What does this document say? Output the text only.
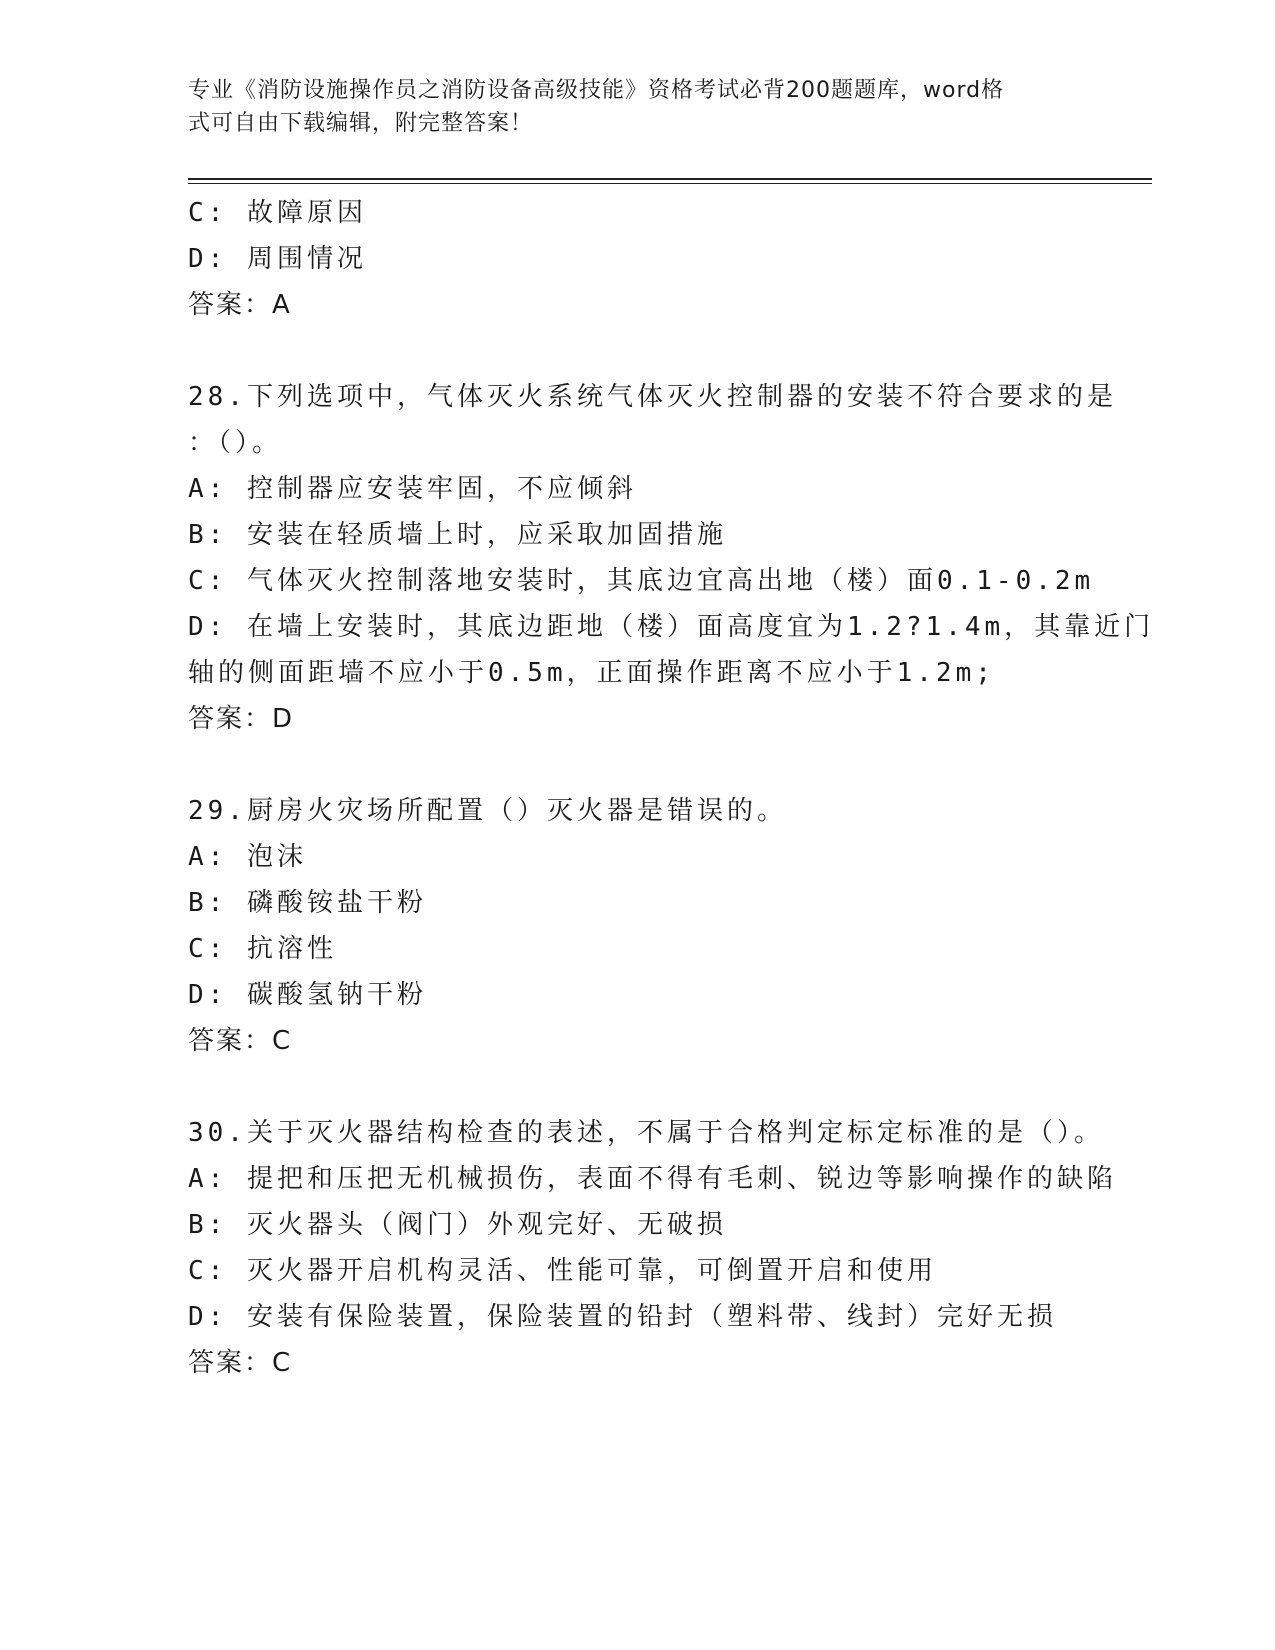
专业《消防设施操作员之消防设备高级技能》资格考试必背200题题库，word格
式可自由下载编辑，附完整答案！
C: 故障原因
D: 周围情况
答案：A
28.下列选项中，气体灭火系统气体灭火控制器的安装不符合要求的是
：（）。
A: 控制器应安装牢固，不应倾斜
B: 安装在轻质墙上时，应采取加固措施
C: 气体灭火控制落地安装时，其底边宜高出地（楼）面0.1-0.2m
D: 在墙上安装时，其底边距地（楼）面高度宜为1.2?1.4m，其靠近门
轴的侧面距墙不应小于0.5m，正面操作距离不应小于1.2m;
答案：D
29.厨房火灾场所配置（）灭火器是错误的。
A: 泡沫
B: 磷酸铵盐干粉
C: 抗溶性
D: 碳酸氢钠干粉
答案：C
30.关于灭火器结构检查的表述，不属于合格判定标定标准的是（）。
A: 提把和压把无机械损伤，表面不得有毛刺、锐边等影响操作的缺陷
B: 灭火器头（阀门）外观完好、无破损
C: 灭火器开启机构灵活、性能可靠，可倒置开启和使用
D: 安装有保险装置，保险装置的铅封（塑料带、线封）完好无损
答案：C
